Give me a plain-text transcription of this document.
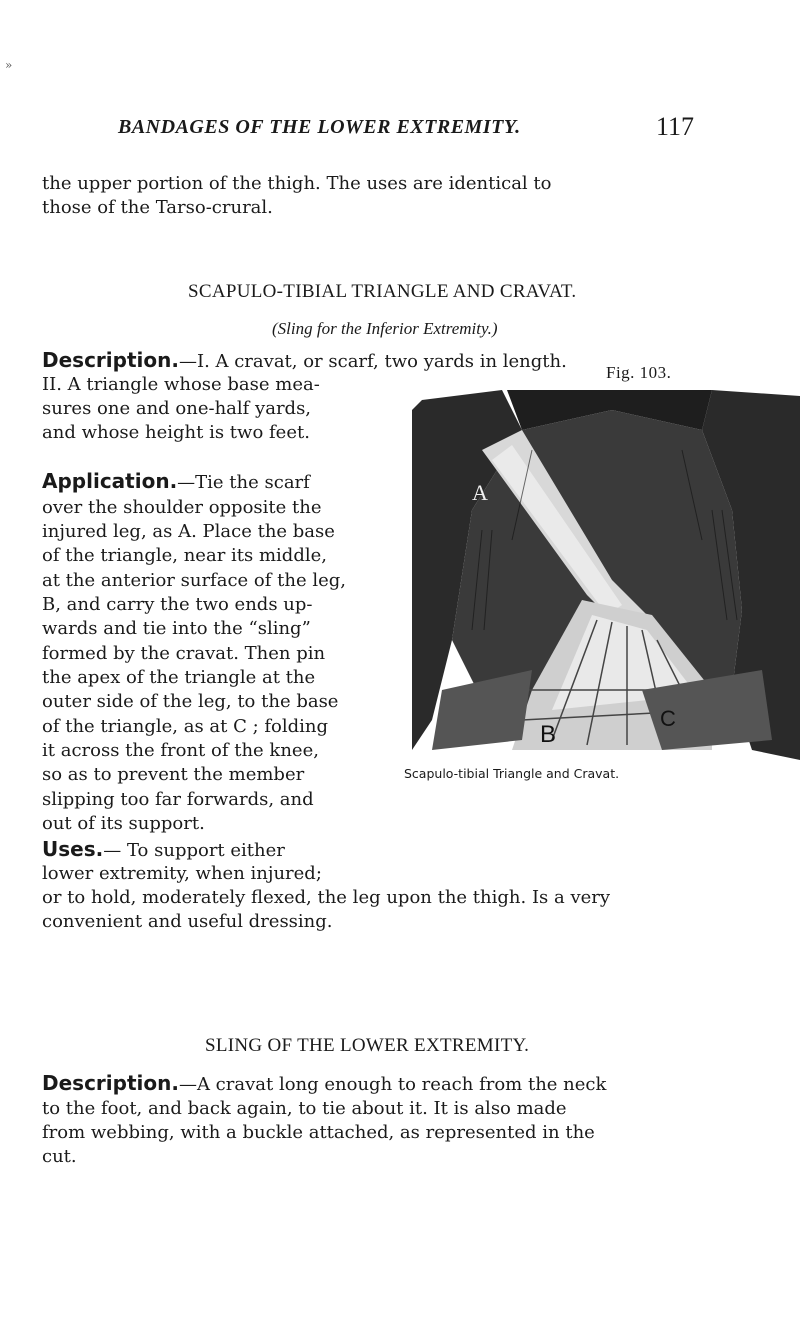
»
BANDAGES OF THE LOWER EXTREMITY.	117
the upper portion of the thigh. The uses are identical to
those of the Tarso-crural.
SCAPULO-TIBIAL TRIANGLE AND CRAVAT.
(Sling for the Inferior Extremity.)
Description.—I. A cravat, or scarf, two yards in length.
II. A triangle whose base mea-
sures one and one-half yards,
and whose height is two feet.
Application.—Tie the scarf
over the shoulder opposite the
injured leg, as A. Place the base
of the triangle, near its middle,
at the anterior surface of the leg,
B, and carry the two ends up-
wards and tie into the “sling”
formed by the cravat. Then pin
the apex of the triangle at the
outer side of the leg, to the base
of the triangle, as at C ; folding
it across the front of the knee,
so as to prevent the member
slipping too far forwards, and
out of its support.
Uses.— To support either
lower extremity, when injured;
or to hold, moderately flexed, the leg upon the thigh. Is a very
convenient and useful dressing.
Fig. 103.
A
B
C
Scapulo-tibial Triangle and Cravat.
SLING OF THE LOWER EXTREMITY.
Description.—A cravat long enough to reach from the neck
to the foot, and back again, to tie about it. It is also made
from webbing, with a buckle attached, as represented in the
cut.
